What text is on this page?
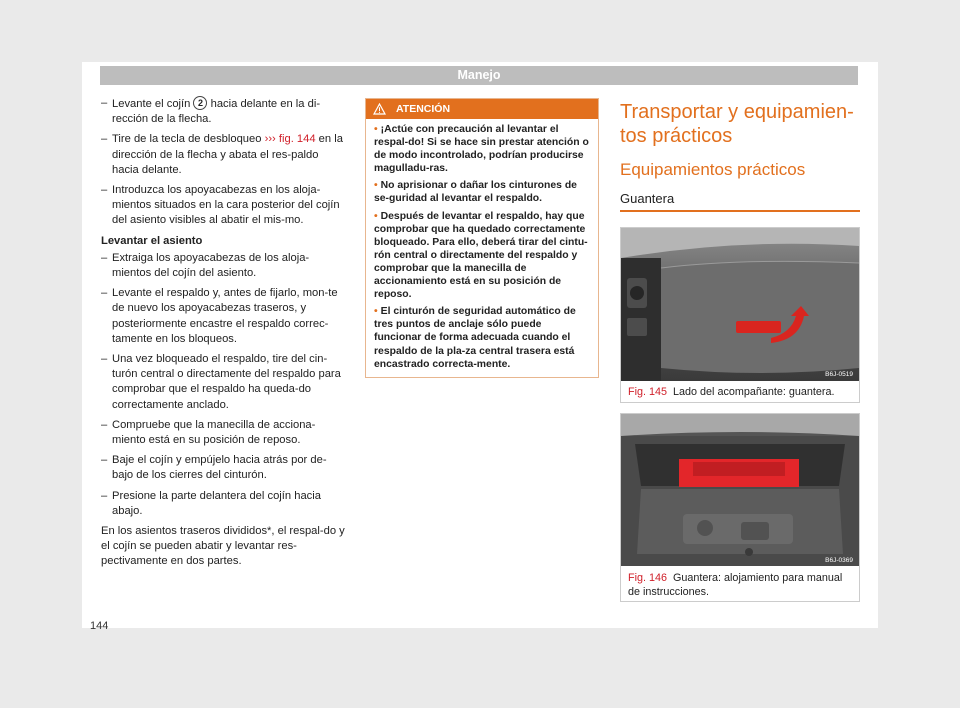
Manejo
– Levante el cojín 2 hacia delante en la di-rección de la flecha.
– Tire de la tecla de desbloqueo ››› fig. 144 en la dirección de la flecha y abata el res-paldo hacia delante.
– Introduzca los apoyacabezas en los aloja-mientos situados en la cara posterior del cojín del asiento visibles al abatir el mis-mo.
Levantar el asiento
– Extraiga los apoyacabezas de los aloja-mientos del cojín del asiento.
– Levante el respaldo y, antes de fijarlo, mon-te de nuevo los apoyacabezas traseros, y posteriormente encastre el respaldo correc-tamente en los bloqueos.
– Una vez bloqueado el respaldo, tire del cin-turón central o directamente del respaldo para comprobar que el respaldo ha queda-do correctamente anclado.
– Compruebe que la manecilla de acciona-miento está en su posición de reposo.
– Baje el cojín y empújelo hacia atrás por de-bajo de los cierres del cinturón.
– Presione la parte delantera del cojín hacia abajo.
En los asientos traseros divididos*, el respal-do y el cojín se pueden abatir y levantar res-pectivamente en dos partes.
144
ATENCIÓN
• ¡Actúe con precaución al levantar el respal-do! Si se hace sin prestar atención o de modo incontrolado, podrían producirse magulladu-ras.
• No aprisionar o dañar los cinturones de se-guridad al levantar el respaldo.
• Después de levantar el respaldo, hay que comprobar que ha quedado correctamente bloqueado. Para ello, deberá tirar del cintu-rón central o directamente del respaldo y comprobar que la manecilla de accionamiento está en su posición de reposo.
• El cinturón de seguridad automático de tres puntos de anclaje sólo puede funcionar de forma adecuada cuando el respaldo de la pla-za central trasera está encastrado correcta-mente.
Transportar y equipamien-tos prácticos
Equipamientos prácticos
Guantera
B6J-0519
Fig. 145 Lado del acompañante: guantera.
B6J-0369
Fig. 146 Guantera: alojamiento para manual de instrucciones.
